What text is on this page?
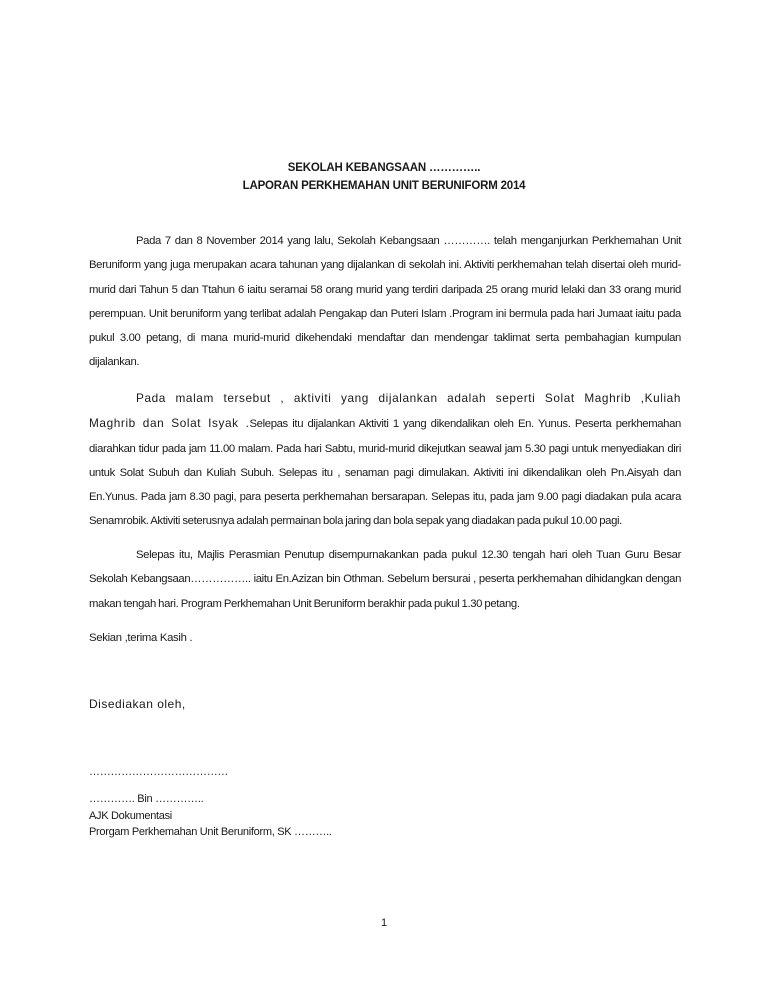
SEKOLAH KEBANGSAAN …………..
LAPORAN PERKHEMAHAN UNIT BERUNIFORM 2014

Pada 7 dan 8 November 2014 yang lalu, Sekolah Kebangsaan …………. telah menganjurkan Perkhemahan Unit Beruniform yang juga merupakan acara tahunan yang dijalankan di sekolah ini. Aktiviti perkhemahan telah disertai oleh murid-murid dari Tahun 5 dan Ttahun 6 iaitu seramai 58 orang murid yang terdiri daripada 25 orang murid lelaki dan 33 orang murid perempuan. Unit beruniform yang terlibat adalah Pengakap dan Puteri Islam .Program ini bermula pada hari Jumaat iaitu pada pukul 3.00 petang, di mana murid-murid dikehendaki mendaftar dan mendengar taklimat serta pembahagian kumpulan dijalankan.

Pada malam tersebut , aktiviti yang dijalankan adalah seperti Solat Maghrib ,Kuliah Maghrib dan Solat Isyak .Selepas itu dijalankan Aktiviti 1 yang dikendalikan oleh En. Yunus. Peserta perkhemahan diarahkan tidur pada jam 11.00 malam. Pada hari Sabtu, murid-murid dikejutkan seawal jam 5.30 pagi untuk menyediakan diri untuk Solat Subuh dan Kuliah Subuh. Selepas itu , senaman pagi dimulakan. Aktiviti ini dikendalikan oleh Pn.Aisyah dan En.Yunus. Pada jam 8.30 pagi, para peserta perkhemahan bersarapan. Selepas itu, pada jam 9.00 pagi diadakan pula acara Senamrobik. Aktiviti seterusnya adalah permainan bola jaring dan bola sepak yang diadakan pada pukul 10.00 pagi.

Selepas itu, Majlis Perasmian Penutup disempurnakankan pada pukul 12.30 tengah hari oleh Tuan Guru Besar Sekolah Kebangsaan…………….. iaitu En.Azizan bin Othman. Sebelum bersurai , peserta perkhemahan dihidangkan dengan makan tengah hari. Program Perkhemahan Unit Beruniform berakhir pada pukul 1.30 petang.

Sekian ,terima Kasih .
Disediakan oleh,
…………………………………
…………. Bin …………..
AJK Dokumentasi
Prorgam Perkhemahan Unit Beruniform, SK ………..
1
